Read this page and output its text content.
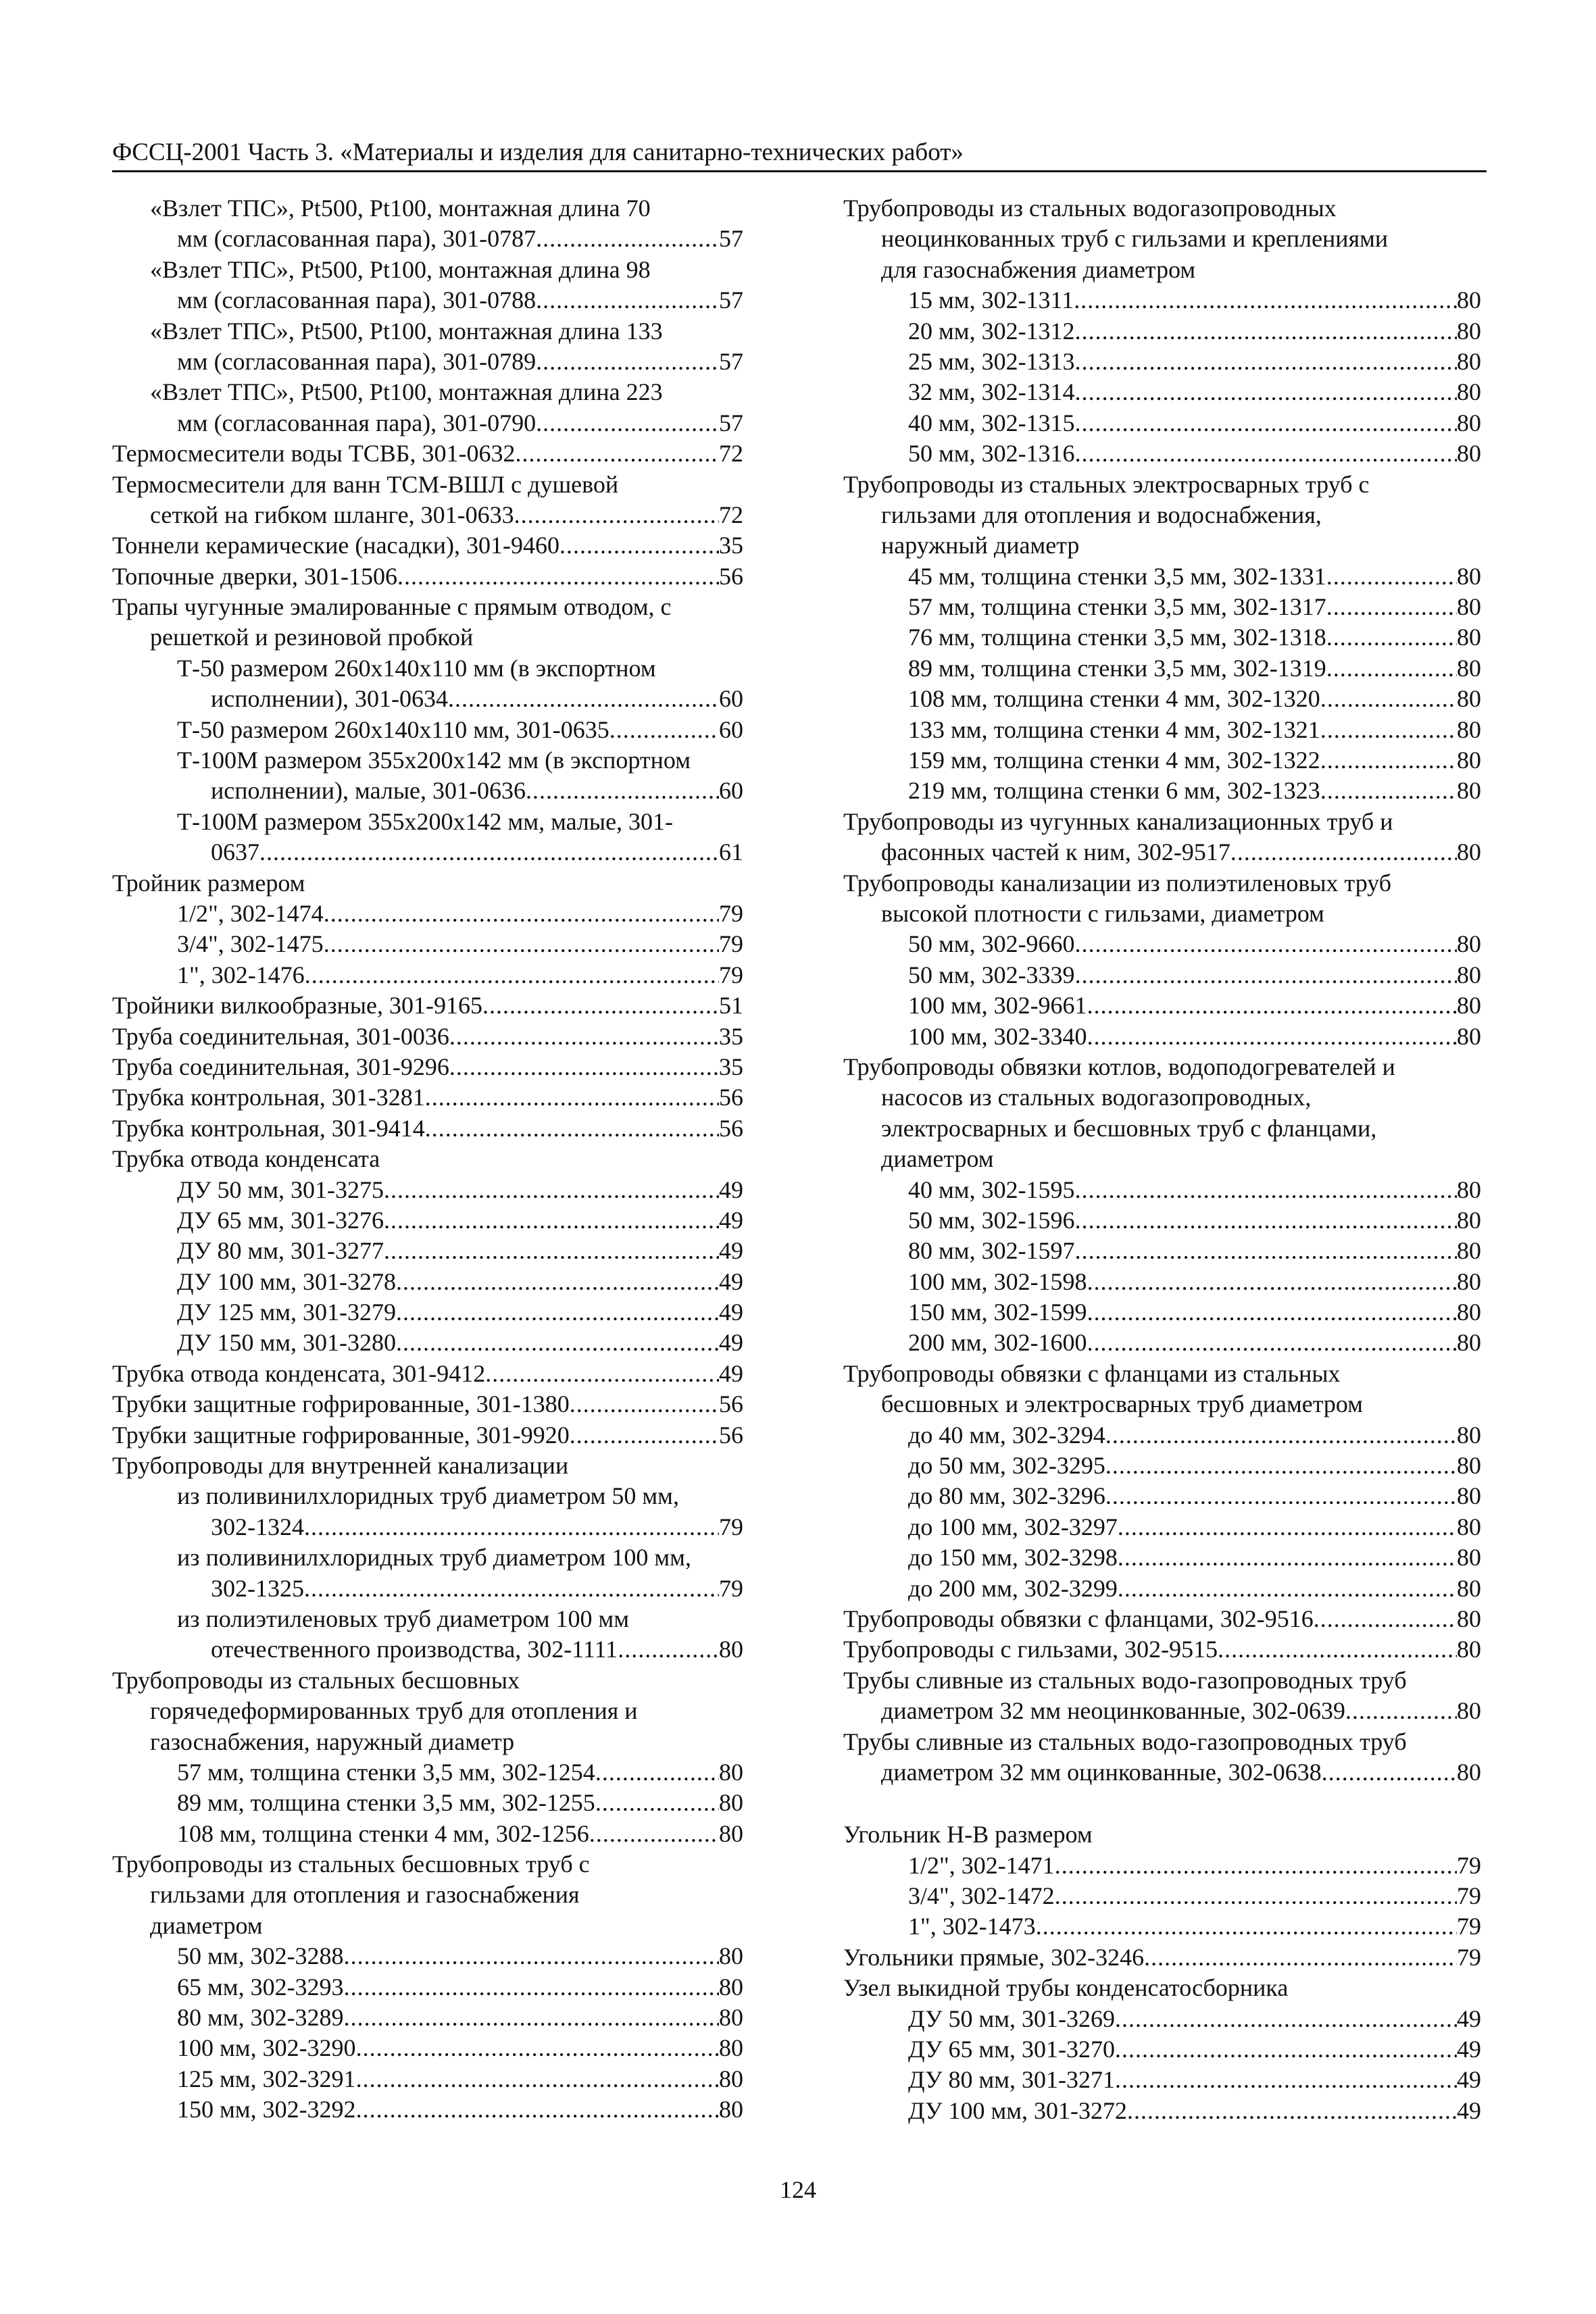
ФССЦ-2001 Часть 3. «Материалы и изделия для санитарно-технических работ»
«Взлет ТПС», Pt500, Pt100, монтажная длина 70
мм (согласованная пара), 301-0787 .....	57
«Взлет ТПС», Pt500, Pt100, монтажная длина 98
мм (согласованная пара), 301-0788 .....	57
«Взлет ТПС», Pt500, Pt100, монтажная длина 133
мм (согласованная пара), 301-0789 .....	57
«Взлет ТПС», Pt500, Pt100, монтажная длина 223
мм (согласованная пара), 301-0790 .....	57
Термосмесители воды ТСВБ, 301-0632 .....	72
Термосмесители для ванн ТСМ-ВШЛ с душевой
сеткой на гибком шланге, 301-0633 .....	72
Тоннели керамические (насадки), 301-9460 .....	35
Топочные дверки, 301-1506 .....	56
Трапы чугунные эмалированные с прямым отводом, с
решеткой и резиновой пробкой
Т-50 размером 260x140x110 мм (в экспортном
исполнении), 301-0634 .....	60
Т-50 размером 260x140x110 мм, 301-0635 .....	60
Т-100М размером 355x200x142 мм (в экспортном
исполнении), малые, 301-0636 .....	60
Т-100М размером 355x200x142 мм, малые, 301-
0637 .....	61
Тройник размером
1/2", 302-1474 .....	79
3/4", 302-1475 .....	79
1", 302-1476 .....	79
Тройники вилкообразные, 301-9165 .....	51
Труба соединительная, 301-0036 .....	35
Труба соединительная, 301-9296 .....	35
Трубка контрольная, 301-3281 .....	56
Трубка контрольная, 301-9414 .....	56
Трубка отвода конденсата
ДУ 50 мм, 301-3275 .....	49
ДУ 65 мм, 301-3276 .....	49
ДУ 80 мм, 301-3277 .....	49
ДУ 100 мм, 301-3278 .....	49
ДУ 125 мм, 301-3279 .....	49
ДУ 150 мм, 301-3280 .....	49
Трубка отвода конденсата, 301-9412 .....	49
Трубки защитные гофрированные, 301-1380 .....	56
Трубки защитные гофрированные, 301-9920 .....	56
Трубопроводы для внутренней канализации
из поливинилхлоридных труб диаметром 50 мм,
302-1324 .....	79
из поливинилхлоридных труб диаметром 100 мм,
302-1325 .....	79
из полиэтиленовых труб диаметром 100 мм
отечественного производства, 302-1111 .....	80
Трубопроводы из стальных бесшовных
горячедеформированных труб для отопления и
газоснабжения, наружный диаметр
57 мм, толщина стенки 3,5 мм, 302-1254 .....	80
89 мм, толщина стенки 3,5 мм, 302-1255 .....	80
108 мм, толщина стенки 4 мм, 302-1256 .....	80
Трубопроводы из стальных бесшовных труб с
гильзами для отопления и газоснабжения
диаметром
50 мм, 302-3288 .....	80
65 мм, 302-3293 .....	80
80 мм, 302-3289 .....	80
100 мм, 302-3290 .....	80
125 мм, 302-3291 .....	80
150 мм, 302-3292 .....	80
Трубопроводы из стальных водогазопроводных
неоцинкованных труб с гильзами и креплениями
для газоснабжения диаметром
15 мм, 302-1311 .....	80
20 мм, 302-1312 .....	80
25 мм, 302-1313 .....	80
32 мм, 302-1314 .....	80
40 мм, 302-1315 .....	80
50 мм, 302-1316 .....	80
Трубопроводы из стальных электросварных труб с
гильзами для отопления и водоснабжения,
наружный диаметр
45 мм, толщина стенки 3,5 мм, 302-1331 .....	80
57 мм, толщина стенки 3,5 мм, 302-1317 .....	80
76 мм, толщина стенки 3,5 мм, 302-1318 .....	80
89 мм, толщина стенки 3,5 мм, 302-1319 .....	80
108 мм, толщина стенки 4 мм, 302-1320 .....	80
133 мм, толщина стенки 4 мм, 302-1321 .....	80
159 мм, толщина стенки 4 мм, 302-1322 .....	80
219 мм, толщина стенки 6 мм, 302-1323 .....	80
Трубопроводы из чугунных канализационных труб и
фасонных частей к ним, 302-9517 .....	80
Трубопроводы канализации из полиэтиленовых труб
высокой плотности с гильзами, диаметром
50 мм, 302-9660 .....	80
50 мм, 302-3339 .....	80
100 мм, 302-9661 .....	80
100 мм, 302-3340 .....	80
Трубопроводы обвязки котлов, водоподогревателей и
насосов из стальных водогазопроводных,
электросварных и бесшовных труб с фланцами,
диаметром
40 мм, 302-1595 .....	80
50 мм, 302-1596 .....	80
80 мм, 302-1597 .....	80
100 мм, 302-1598 .....	80
150 мм, 302-1599 .....	80
200 мм, 302-1600 .....	80
Трубопроводы обвязки с фланцами из стальных
бесшовных и электросварных труб диаметром
до 40 мм, 302-3294 .....	80
до 50 мм, 302-3295 .....	80
до 80 мм, 302-3296 .....	80
до 100 мм, 302-3297 .....	80
до 150 мм, 302-3298 .....	80
до 200 мм, 302-3299 .....	80
Трубопроводы обвязки с фланцами, 302-9516 .....	80
Трубопроводы с гильзами, 302-9515 .....	80
Трубы сливные из стальных водо-газопроводных труб
диаметром 32 мм неоцинкованные, 302-0639 .....	80
Трубы сливные из стальных водо-газопроводных труб
диаметром 32 мм оцинкованные, 302-0638 .....	80
Угольник Н-В размером
1/2", 302-1471 .....	79
3/4", 302-1472 .....	79
1", 302-1473 .....	79
Угольники прямые, 302-3246 .....	79
Узел выкидной трубы конденсатосборника
ДУ 50 мм, 301-3269 .....	49
ДУ 65 мм, 301-3270 .....	49
ДУ 80 мм, 301-3271 .....	49
ДУ 100 мм, 301-3272 .....	49
124
